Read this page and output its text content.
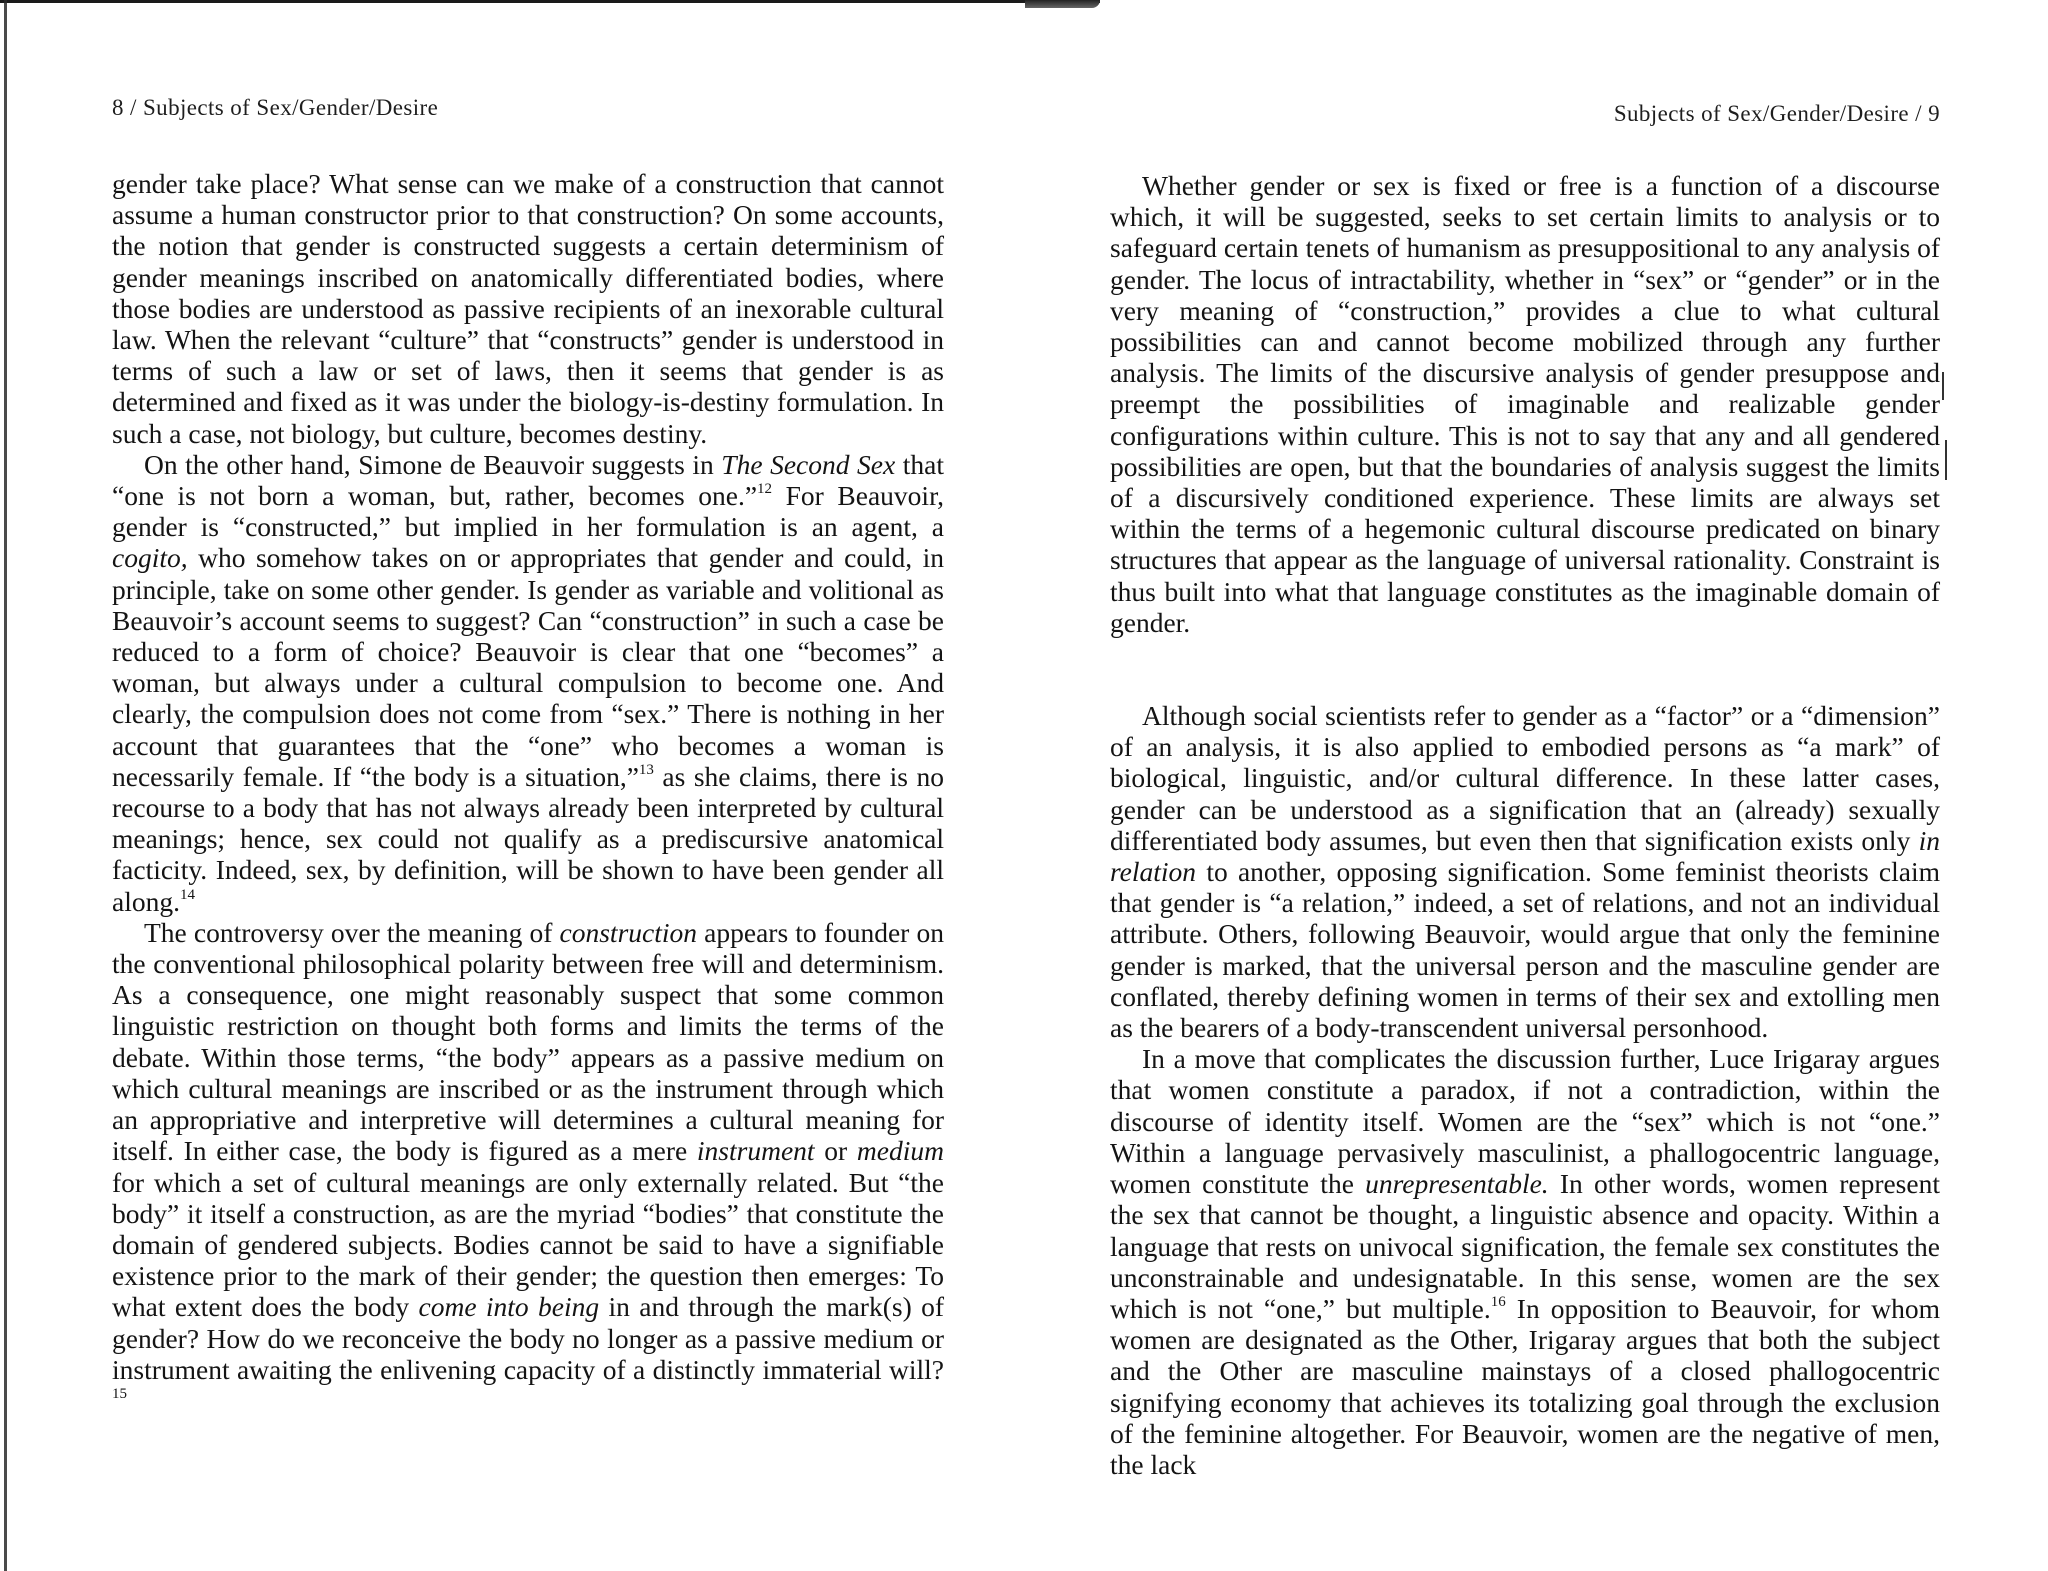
8 / Subjects of Sex/Gender/Desire

gender take place? What sense can we make of a construction that cannot assume a human constructor prior to that construction? On some accounts, the notion that gender is constructed suggests a certain determinism of gender meanings inscribed on anatomically differentiated bodies, where those bodies are understood as passive recipients of an inexorable cultural law. When the relevant “culture” that “constructs” gender is understood in terms of such a law or set of laws, then it seems that gender is as determined and fixed as it was under the biology-is-destiny formulation. In such a case, not biology, but culture, becomes destiny.

On the other hand, Simone de Beauvoir suggests in The Second Sex that “one is not born a woman, but, rather, becomes one.”$^{12}$ For Beauvoir, gender is “constructed,” but implied in her formulation is an agent, a cogito, who somehow takes on or appropriates that gender and could, in principle, take on some other gender. Is gender as variable and volitional as Beauvoir’s account seems to suggest? Can “construction” in such a case be reduced to a form of choice? Beauvoir is clear that one “becomes” a woman, but always under a cultural compulsion to become one. And clearly, the compulsion does not come from “sex.” There is nothing in her account that guarantees that the “one” who becomes a woman is necessarily female. If “the body is a situation,”$^{13}$ as she claims, there is no recourse to a body that has not always already been interpreted by cultural meanings; hence, sex could not qualify as a prediscursive anatomical facticity. Indeed, sex, by definition, will be shown to have been gender all along.$^{14}$

The controversy over the meaning of construction appears to founder on the conventional philosophical polarity between free will and determinism. As a consequence, one might reasonably suspect that some common linguistic restriction on thought both forms and limits the terms of the debate. Within those terms, “the body” appears as a passive medium on which cultural meanings are inscribed or as the instrument through which an appropriative and interpretive will determines a cultural meaning for itself. In either case, the body is figured as a mere instrument or medium for which a set of cultural meanings are only externally related. But “the body” it itself a construction, as are the myriad “bodies” that constitute the domain of gendered subjects. Bodies cannot be said to have a signifiable existence prior to the mark of their gender; the question then emerges: To what extent does the body come into being in and through the mark(s) of gender? How do we reconceive the body no longer as a passive medium or instrument awaiting the enlivening capacity of a distinctly immaterial will?$^{15}$

Subjects of Sex/Gender/Desire / 9

Whether gender or sex is fixed or free is a function of a discourse which, it will be suggested, seeks to set certain limits to analysis or to safeguard certain tenets of humanism as presuppositional to any analysis of gender. The locus of intractability, whether in “sex” or “gender” or in the very meaning of “construction,” provides a clue to what cultural possibilities can and cannot become mobilized through any further analysis. The limits of the discursive analysis of gender presuppose and preempt the possibilities of imaginable and realizable gender configurations within culture. This is not to say that any and all gendered possibilities are open, but that the boundaries of analysis suggest the limits of a discursively conditioned experience. These limits are always set within the terms of a hegemonic cultural discourse predicated on binary structures that appear as the language of universal rationality. Constraint is thus built into what that language constitutes as the imaginable domain of gender.

Although social scientists refer to gender as a “factor” or a “dimension” of an analysis, it is also applied to embodied persons as “a mark” of biological, linguistic, and/or cultural difference. In these latter cases, gender can be understood as a signification that an (already) sexually differentiated body assumes, but even then that signification exists only in relation to another, opposing signification. Some feminist theorists claim that gender is “a relation,” indeed, a set of relations, and not an individual attribute. Others, following Beauvoir, would argue that only the feminine gender is marked, that the universal person and the masculine gender are conflated, thereby defining women in terms of their sex and extolling men as the bearers of a body-transcendent universal personhood.

In a move that complicates the discussion further, Luce Irigaray argues that women constitute a paradox, if not a contradiction, within the discourse of identity itself. Women are the “sex” which is not “one.” Within a language pervasively masculinist, a phallogocentric language, women constitute the unrepresentable. In other words, women represent the sex that cannot be thought, a linguistic absence and opacity. Within a language that rests on univocal signification, the female sex constitutes the unconstrainable and undesignatable. In this sense, women are the sex which is not “one,” but multiple.$^{16}$ In opposition to Beauvoir, for whom women are designated as the Other, Irigaray argues that both the subject and the Other are masculine mainstays of a closed phallogocentric signifying economy that achieves its totalizing goal through the exclusion of the feminine altogether. For Beauvoir, women are the negative of men, the lack
